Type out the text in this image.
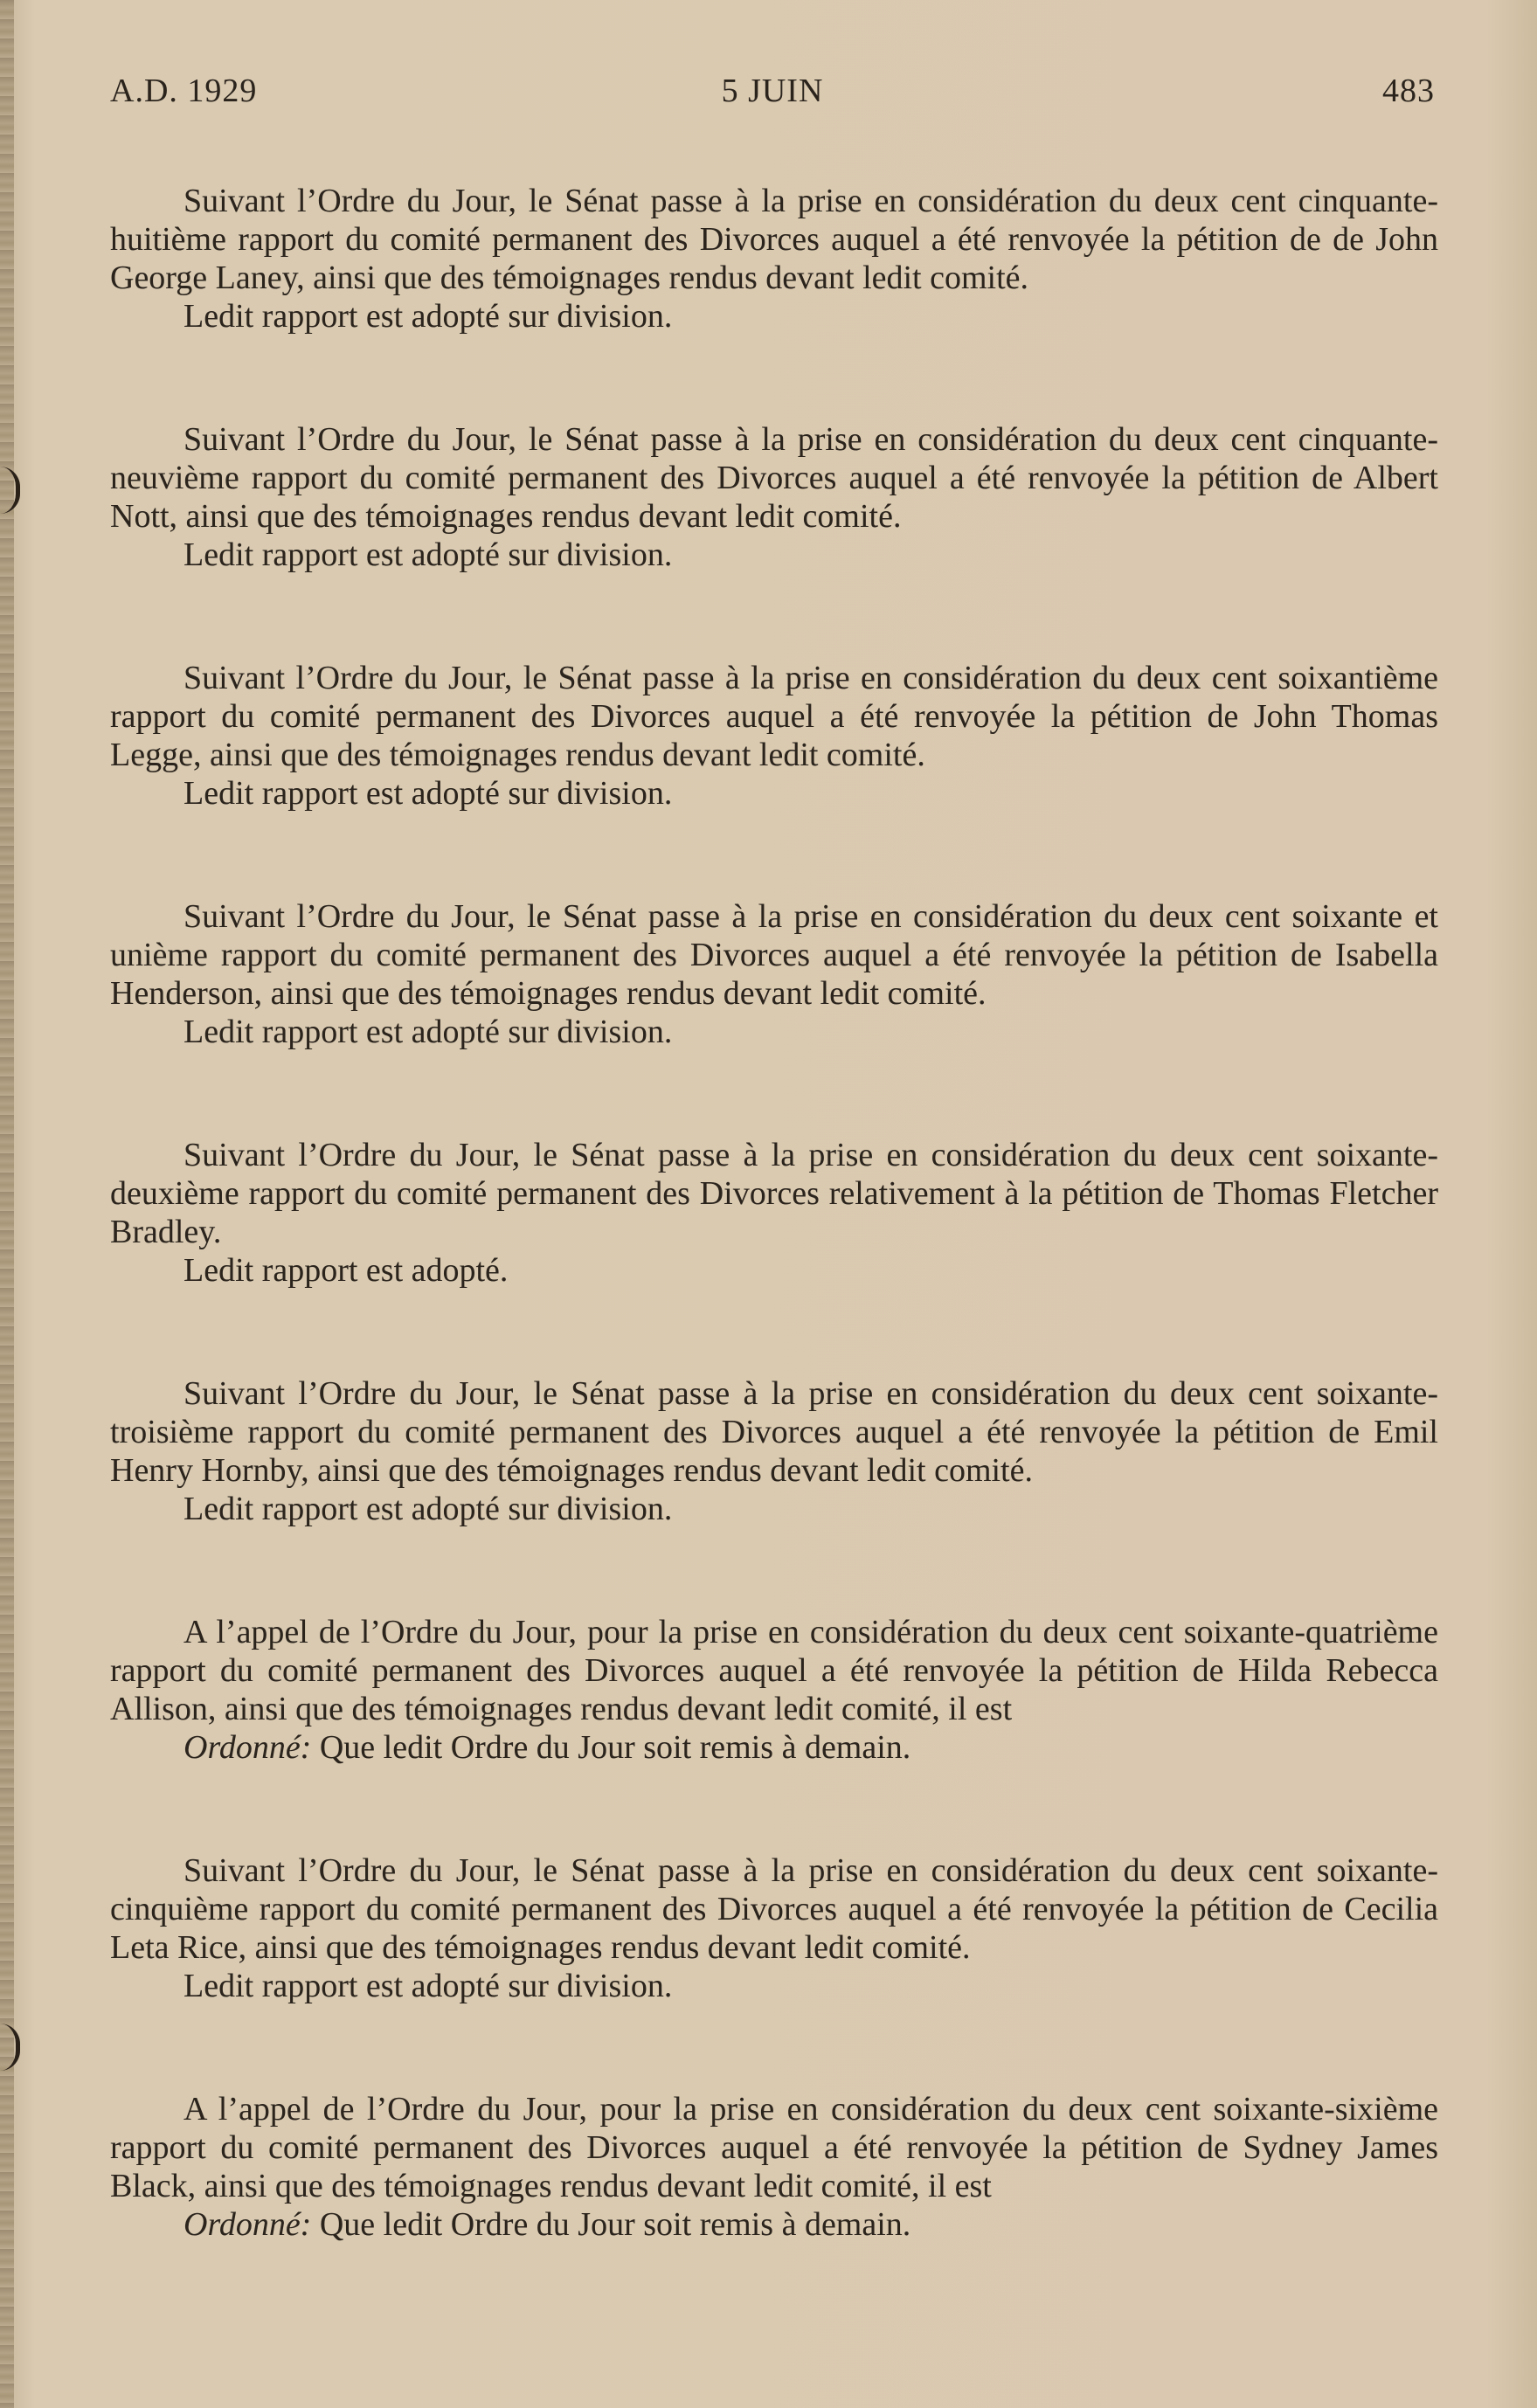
A.D. 1929	5 JUIN	483

Suivant l’Ordre du Jour, le Sénat passe à la prise en considération du deux cent cinquante-huitième rapport du comité permanent des Divorces auquel a été renvoyée la pétition de de John George Laney, ainsi que des témoignages rendus devant ledit comité.

Ledit rapport est adopté sur division.

Suivant l’Ordre du Jour, le Sénat passe à la prise en considération du deux cent cinquante-neuvième rapport du comité permanent des Divorces auquel a été renvoyée la pétition de Albert Nott, ainsi que des témoignages rendus devant ledit comité.

Ledit rapport est adopté sur division.

Suivant l’Ordre du Jour, le Sénat passe à la prise en considération du deux cent soixantième rapport du comité permanent des Divorces auquel a été renvoyée la pétition de John Thomas Legge, ainsi que des témoignages rendus devant ledit comité.

Ledit rapport est adopté sur division.

Suivant l’Ordre du Jour, le Sénat passe à la prise en considération du deux cent soixante et unième rapport du comité permanent des Divorces auquel a été renvoyée la pétition de Isabella Henderson, ainsi que des témoignages rendus devant ledit comité.

Ledit rapport est adopté sur division.

Suivant l’Ordre du Jour, le Sénat passe à la prise en considération du deux cent soixante-deuxième rapport du comité permanent des Divorces relativement à la pétition de Thomas Fletcher Bradley.

Ledit rapport est adopté.

Suivant l’Ordre du Jour, le Sénat passe à la prise en considération du deux cent soixante-troisième rapport du comité permanent des Divorces auquel a été renvoyée la pétition de Emil Henry Hornby, ainsi que des témoignages rendus devant ledit comité.

Ledit rapport est adopté sur division.

A l’appel de l’Ordre du Jour, pour la prise en considération du deux cent soixante-quatrième rapport du comité permanent des Divorces auquel a été renvoyée la pétition de Hilda Rebecca Allison, ainsi que des témoignages rendus devant ledit comité, il est

Ordonné: Que ledit Ordre du Jour soit remis à demain.

Suivant l’Ordre du Jour, le Sénat passe à la prise en considération du deux cent soixante-cinquième rapport du comité permanent des Divorces auquel a été renvoyée la pétition de Cecilia Leta Rice, ainsi que des témoignages rendus devant ledit comité.

Ledit rapport est adopté sur division.

A l’appel de l’Ordre du Jour, pour la prise en considération du deux cent soixante-sixième rapport du comité permanent des Divorces auquel a été renvoyée la pétition de Sydney James Black, ainsi que des témoignages rendus devant ledit comité, il est

Ordonné: Que ledit Ordre du Jour soit remis à demain.
